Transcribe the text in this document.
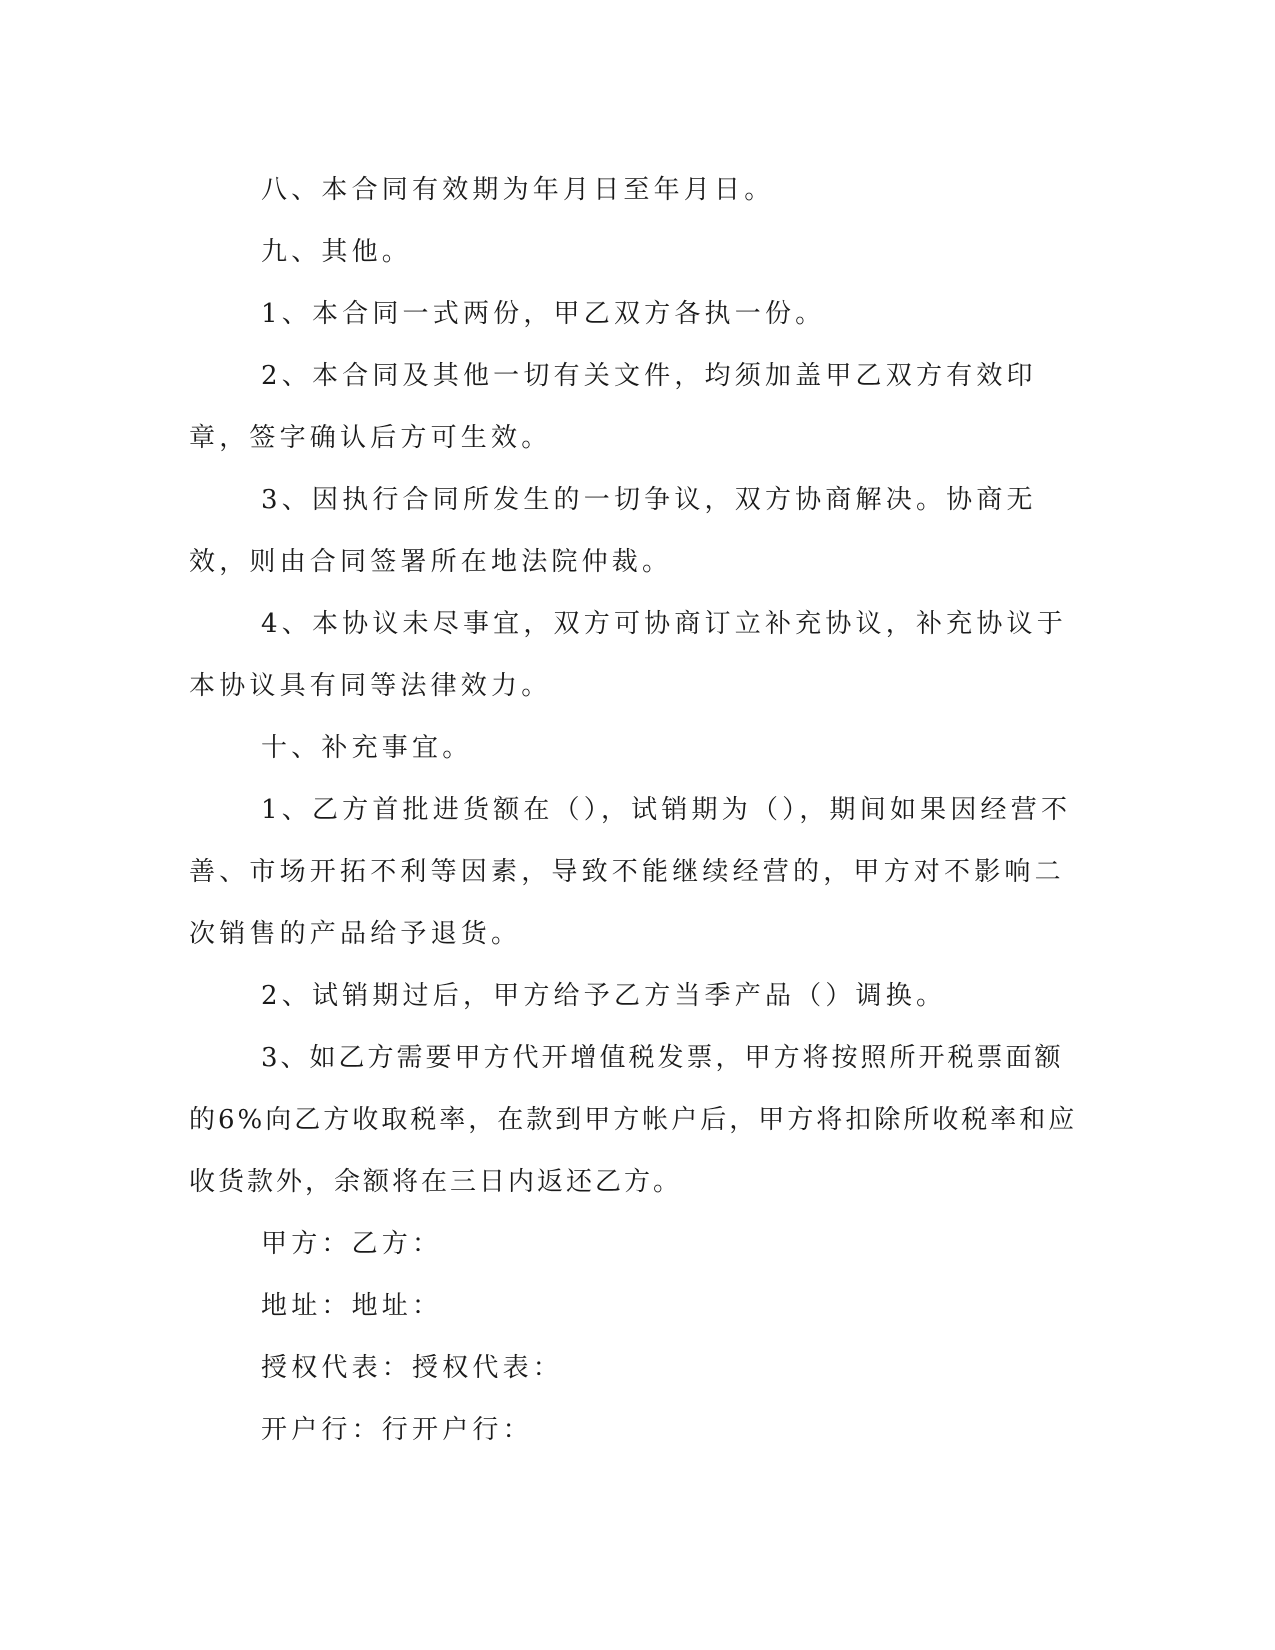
八、本合同有效期为年月日至年月日。

九、其他。

1、本合同一式两份，甲乙双方各执一份。

2、本合同及其他一切有关文件，均须加盖甲乙双方有效印章，签字确认后方可生效。

3、因执行合同所发生的一切争议，双方协商解决。协商无效，则由合同签署所在地法院仲裁。

4、本协议未尽事宜，双方可协商订立补充协议，补充协议于本协议具有同等法律效力。

十、补充事宜。

1、乙方首批进货额在（），试销期为（），期间如果因经营不善、市场开拓不利等因素，导致不能继续经营的，甲方对不影响二次销售的产品给予退货。

2、试销期过后，甲方给予乙方当季产品（）调换。

3、如乙方需要甲方代开增值税发票，甲方将按照所开税票面额的6%向乙方收取税率，在款到甲方帐户后，甲方将扣除所收税率和应收货款外，余额将在三日内返还乙方。

甲方：乙方：

地址：地址：

授权代表：授权代表：

开户行：行开户行：
